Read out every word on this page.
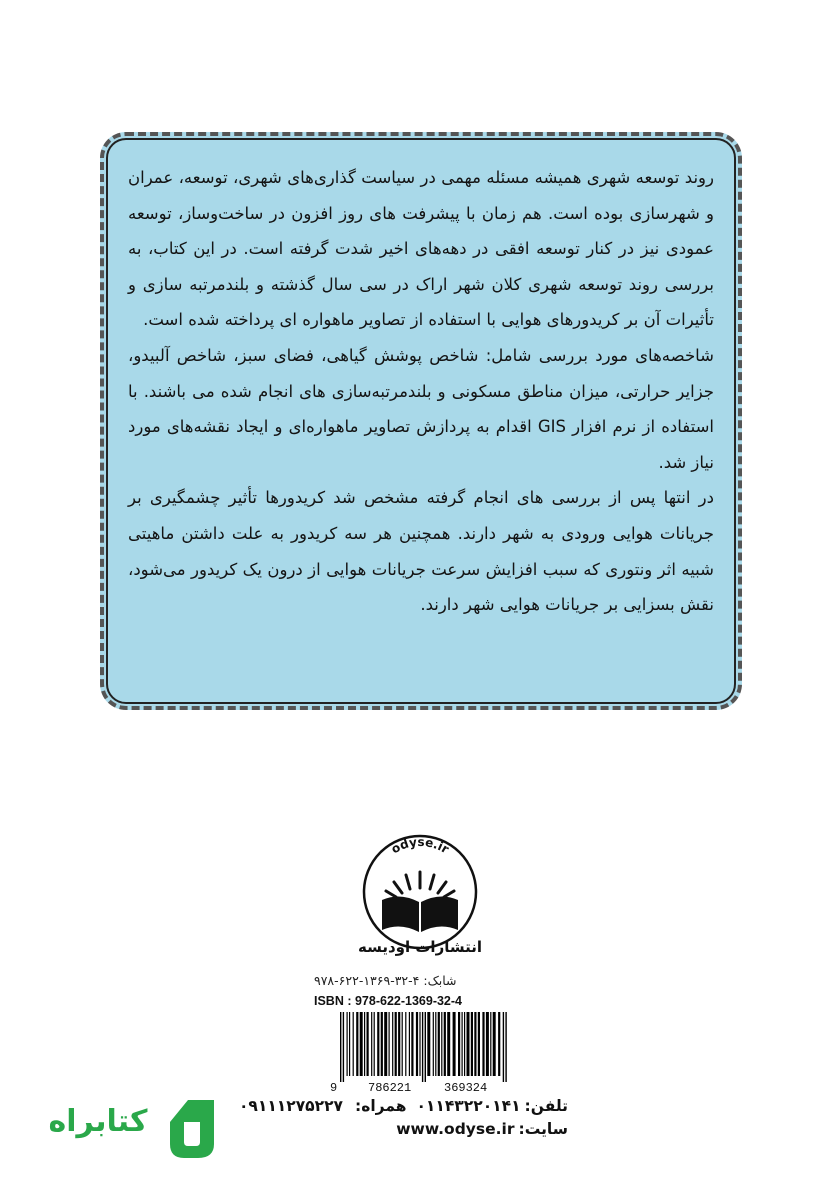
روند توسعه شهری همیشه مسئله مهمی در سیاست گذاری‌های شهری، توسعه، عمران و شهرسازی بوده است. هم زمان با پیشرفت های روز افزون در ساخت‌وساز، توسعه عمودی نیز در کنار توسعه افقی در دهه‌های اخیر شدت گرفته است. در این کتاب، به بررسی روند توسعه شهری کلان شهر اراک در سی سال گذشته و بلندمرتبه سازی و تأثیرات آن بر کریدورهای هوایی با استفاده از تصاویر ماهواره ای پرداخته شده است.

شاخصه‌های مورد بررسی شامل: شاخص پوشش گیاهی، فضای سبز، شاخص آلبیدو، جزایر حرارتی، میزان مناطق مسکونی و بلندمرتبه‌سازی های انجام شده می باشند. با استفاده از نرم افزار GIS اقدام به پردازش تصاویر ماهواره‌ای و ایجاد نقشه‌های مورد نیاز شد.

در انتها پس از بررسی های انجام گرفته مشخص شد کریدورها تأثیر چشمگیری بر جریانات هوایی ورودی به شهر دارند. همچنین هر سه کریدور به علت داشتن ماهیتی شبیه اثر ونتوری که سبب افزایش سرعت جریانات هوایی از درون یک کریدور می‌شود، نقش بسزایی بر جریانات هوایی شهر دارند.

odyse.ir
انتشارات اودیسه
شابک: ۴-۳۲-۱۳۶۹-۶۲۲-۹۷۸
ISBN : 978-622-1369-32-4
9	786221	369324
تلفن:۰۱۱۴۳۲۲۰۱۴۱همراه:۰۹۱۱۱۲۷۵۲۲۷
سایت:www.odyse.ir
کتابراه
